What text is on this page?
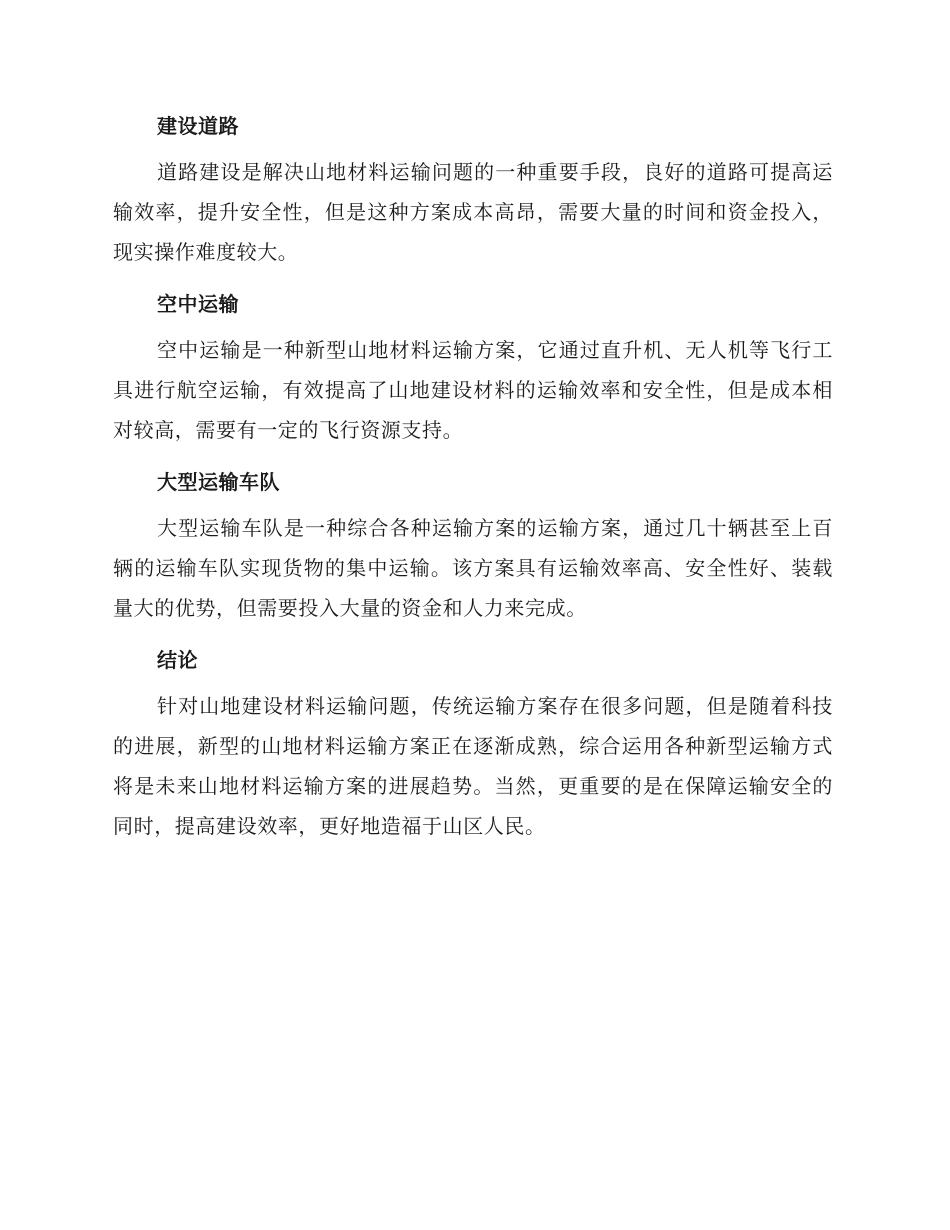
建设道路

道路建设是解决山地材料运输问题的一种重要手段，良好的道路可提高运输效率，提升安全性，但是这种方案成本高昂，需要大量的时间和资金投入，现实操作难度较大。

空中运输

空中运输是一种新型山地材料运输方案，它通过直升机、无人机等飞行工具进行航空运输，有效提高了山地建设材料的运输效率和安全性，但是成本相对较高，需要有一定的飞行资源支持。

大型运输车队

大型运输车队是一种综合各种运输方案的运输方案，通过几十辆甚至上百辆的运输车队实现货物的集中运输。该方案具有运输效率高、安全性好、装载量大的优势，但需要投入大量的资金和人力来完成。

结论

针对山地建设材料运输问题，传统运输方案存在很多问题，但是随着科技的进展，新型的山地材料运输方案正在逐渐成熟，综合运用各种新型运输方式将是未来山地材料运输方案的进展趋势。当然，更重要的是在保障运输安全的同时，提高建设效率，更好地造福于山区人民。
